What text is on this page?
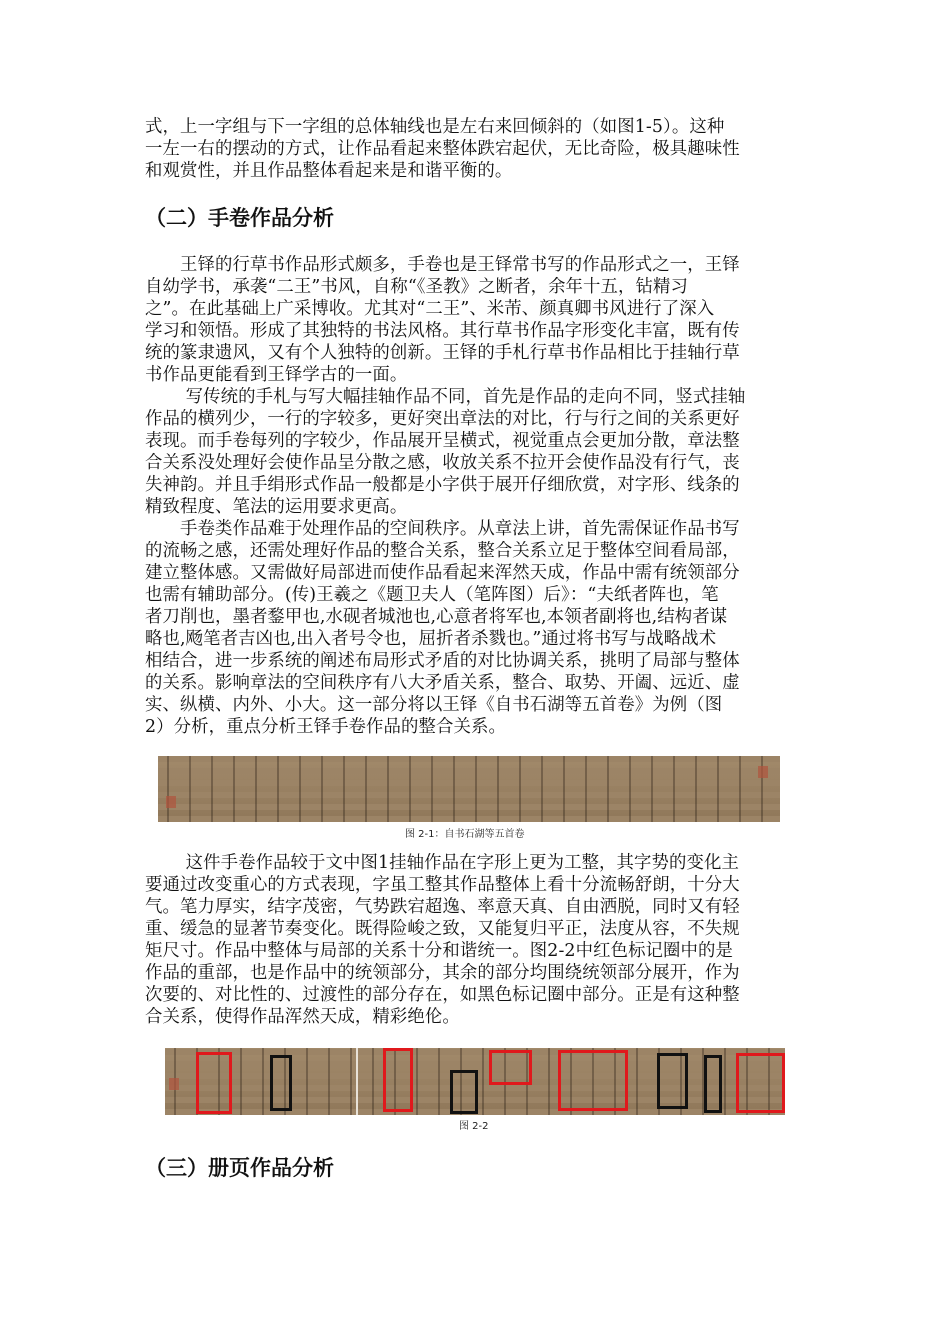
式，上一字组与下一字组的总体轴线也是左右来回倾斜的（如图1-5）。这种
一左一右的摆动的方式，让作品看起来整体跌宕起伏，无比奇险，极具趣味性
和观赏性，并且作品整体看起来是和谐平衡的。
（二）手卷作品分析
　　王铎的行草书作品形式颇多，手卷也是王铎常书写的作品形式之一，王铎
自幼学书，承袭“二王”书风，自称“《圣教》之断者，余年十五，钻精习
之”。在此基础上广采博收。尤其对“二王”、米芾、颜真卿书风进行了深入
学习和领悟。形成了其独特的书法风格。其行草书作品字形变化丰富，既有传
统的篆隶遗风，又有个人独特的创新。王铎的手札行草书作品相比于挂轴行草
书作品更能看到王铎学古的一面。
　　 写传统的手札与写大幅挂轴作品不同，首先是作品的走向不同，竖式挂轴
作品的横列少，一行的字较多，更好突出章法的对比，行与行之间的关系更好
表现。而手卷每列的字较少，作品展开呈横式，视觉重点会更加分散，章法整
合关系没处理好会使作品呈分散之感，收放关系不拉开会使作品没有行气，丧
失神韵。并且手绢形式作品一般都是小字供于展开仔细欣赏，对字形、线条的
精致程度、笔法的运用要求更高。
　　手卷类作品难于处理作品的空间秩序。从章法上讲，首先需保证作品书写
的流畅之感，还需处理好作品的整合关系，整合关系立足于整体空间看局部，
建立整体感。又需做好局部进而使作品看起来浑然天成，作品中需有统领部分
也需有辅助部分。(传)王羲之《题卫夫人（笔阵图）后》：“夫纸者阵也，笔
者刀削也，墨者鍪甲也,水砚者城池也,心意者将军也,本领者副将也,结构者谋
略也,飏笔者吉凶也,出入者号令也，屈折者杀戮也。”通过将书写与战略战术
相结合，进一步系统的阐述布局形式矛盾的对比协调关系，挑明了局部与整体
的关系。影响章法的空间秩序有八大矛盾关系，整合、取势、开阖、远近、虚
实、纵横、内外、小大。这一部分将以王铎《自书石湖等五首卷》为例（图
2）分析，重点分析王铎手卷作品的整合关系。
图 2-1：自书石湖等五首卷
　　 这件手卷作品较于文中图1挂轴作品在字形上更为工整，其字势的变化主
要通过改变重心的方式表现，字虽工整其作品整体上看十分流畅舒朗，十分大
气。笔力厚实，结字茂密，气势跌宕超逸、率意天真、自由洒脱，同时又有轻
重、缓急的显著节奏变化。既得险峻之致，又能复归平正，法度从容，不失规
矩尺寸。作品中整体与局部的关系十分和谐统一。图2-2中红色标记圈中的是
作品的重部，也是作品中的统领部分，其余的部分均围绕统领部分展开，作为
次要的、对比性的、过渡性的部分存在，如黑色标记圈中部分。正是有这种整
合关系，使得作品浑然天成，精彩绝伦。
图 2-2
（三）册页作品分析
